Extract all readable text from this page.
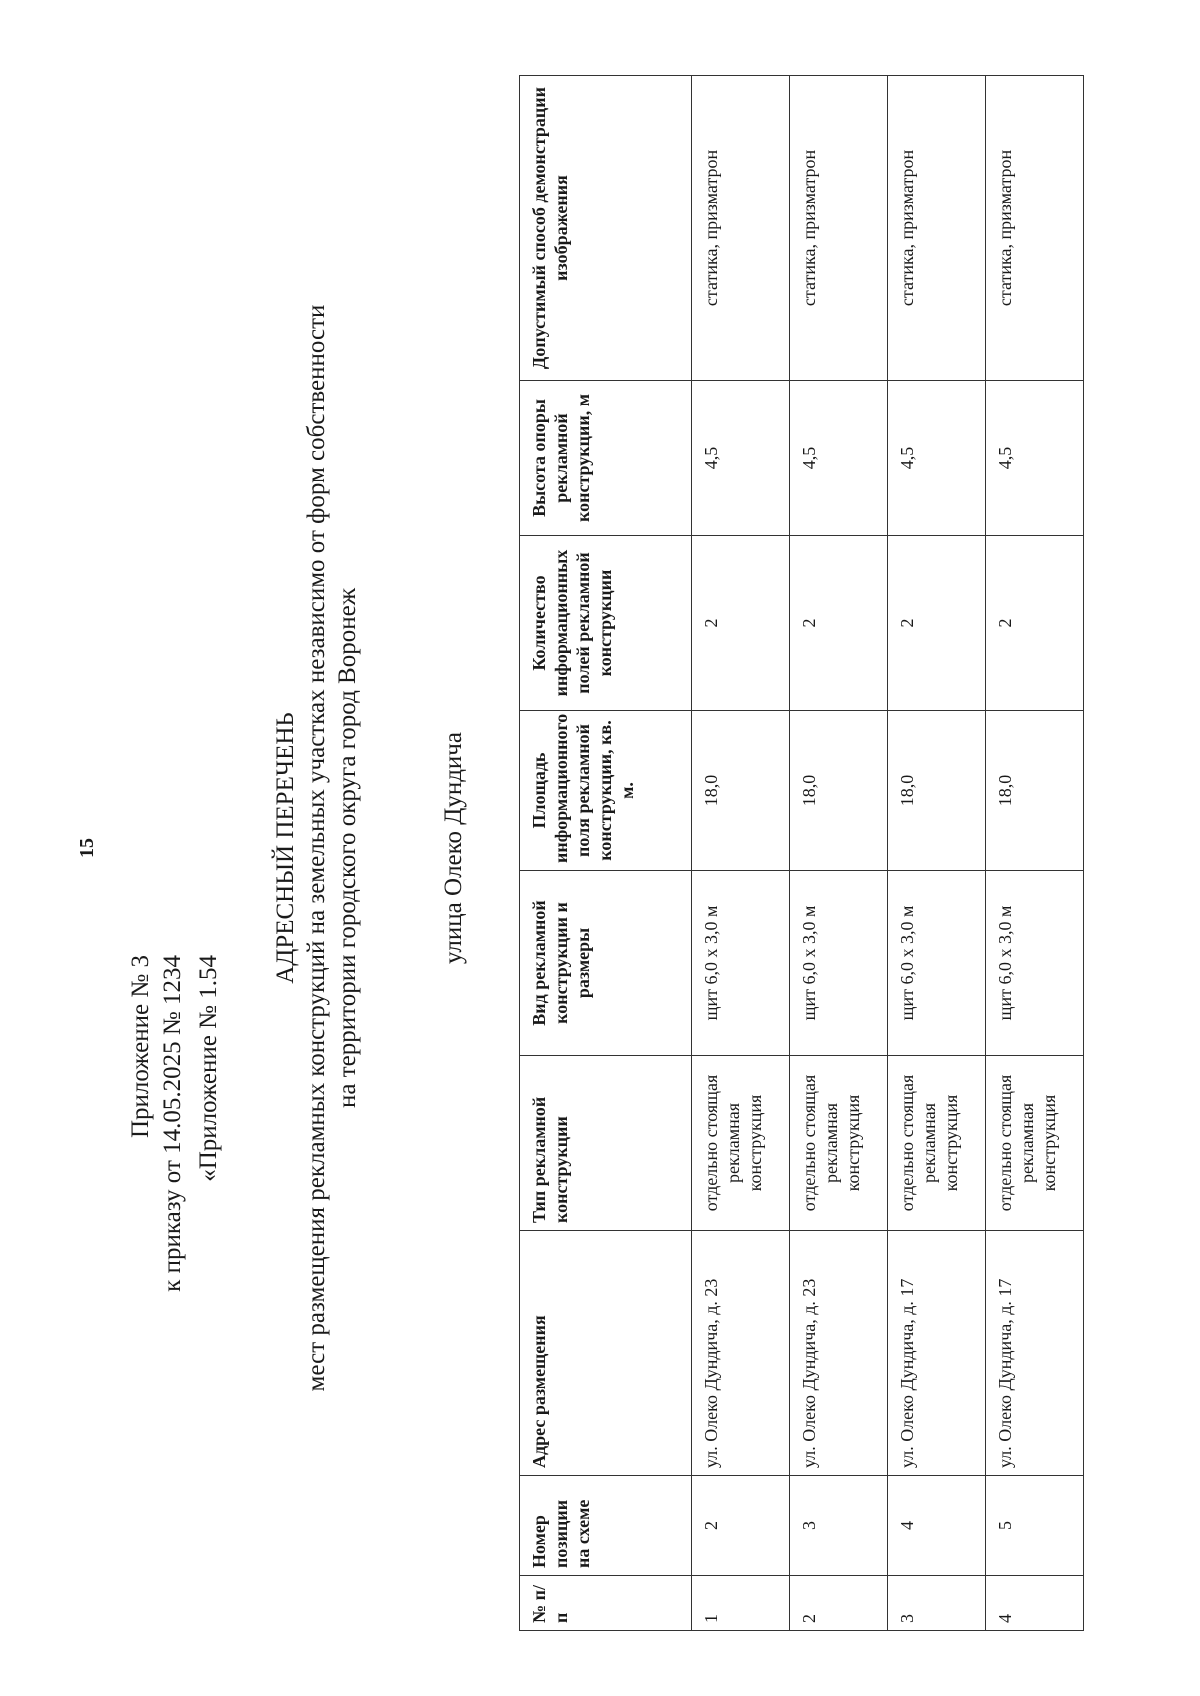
15

Приложение № 3 к приказу от 14.05.2025 № 1234 «Приложение № 1.54
АДРЕСНЫЙ ПЕРЕЧЕНЬ мест размещения рекламных конструкций на земельных участках независимо от форм собственности на территории городского округа город Воронеж	улица Олеко Дундича
№ п/п	Номер позиции на схеме	Адрес размещения	Тип рекламной конструкции	Вид рекламной конструкции и размеры	Площадь информационного поля рекламной конструкции, кв. м.	Количество информационных полей рекламной конструкции	Высота опоры рекламной конструкции, м	Допустимый способ демонстрации изображения
1	2	ул. Олеко Дундича, д. 23	отдельно стоящая рекламная конструкция	щит 6,0 х 3,0 м	18,0	2	4,5	статика, призматрон
2	3	ул. Олеко Дундича, д. 23	отдельно стоящая рекламная конструкция	щит 6,0 х 3,0 м	18,0	2	4,5	статика, призматрон
3	4	ул. Олеко Дундича, д. 17	отдельно стоящая рекламная конструкция	щит 6,0 х 3,0 м	18,0	2	4,5	статика, призматрон
4	5	ул. Олеко Дундича, д. 17	отдельно стоящая рекламная конструкция	щит 6,0 х 3,0 м	18,0	2	4,5	статика, призматрон
